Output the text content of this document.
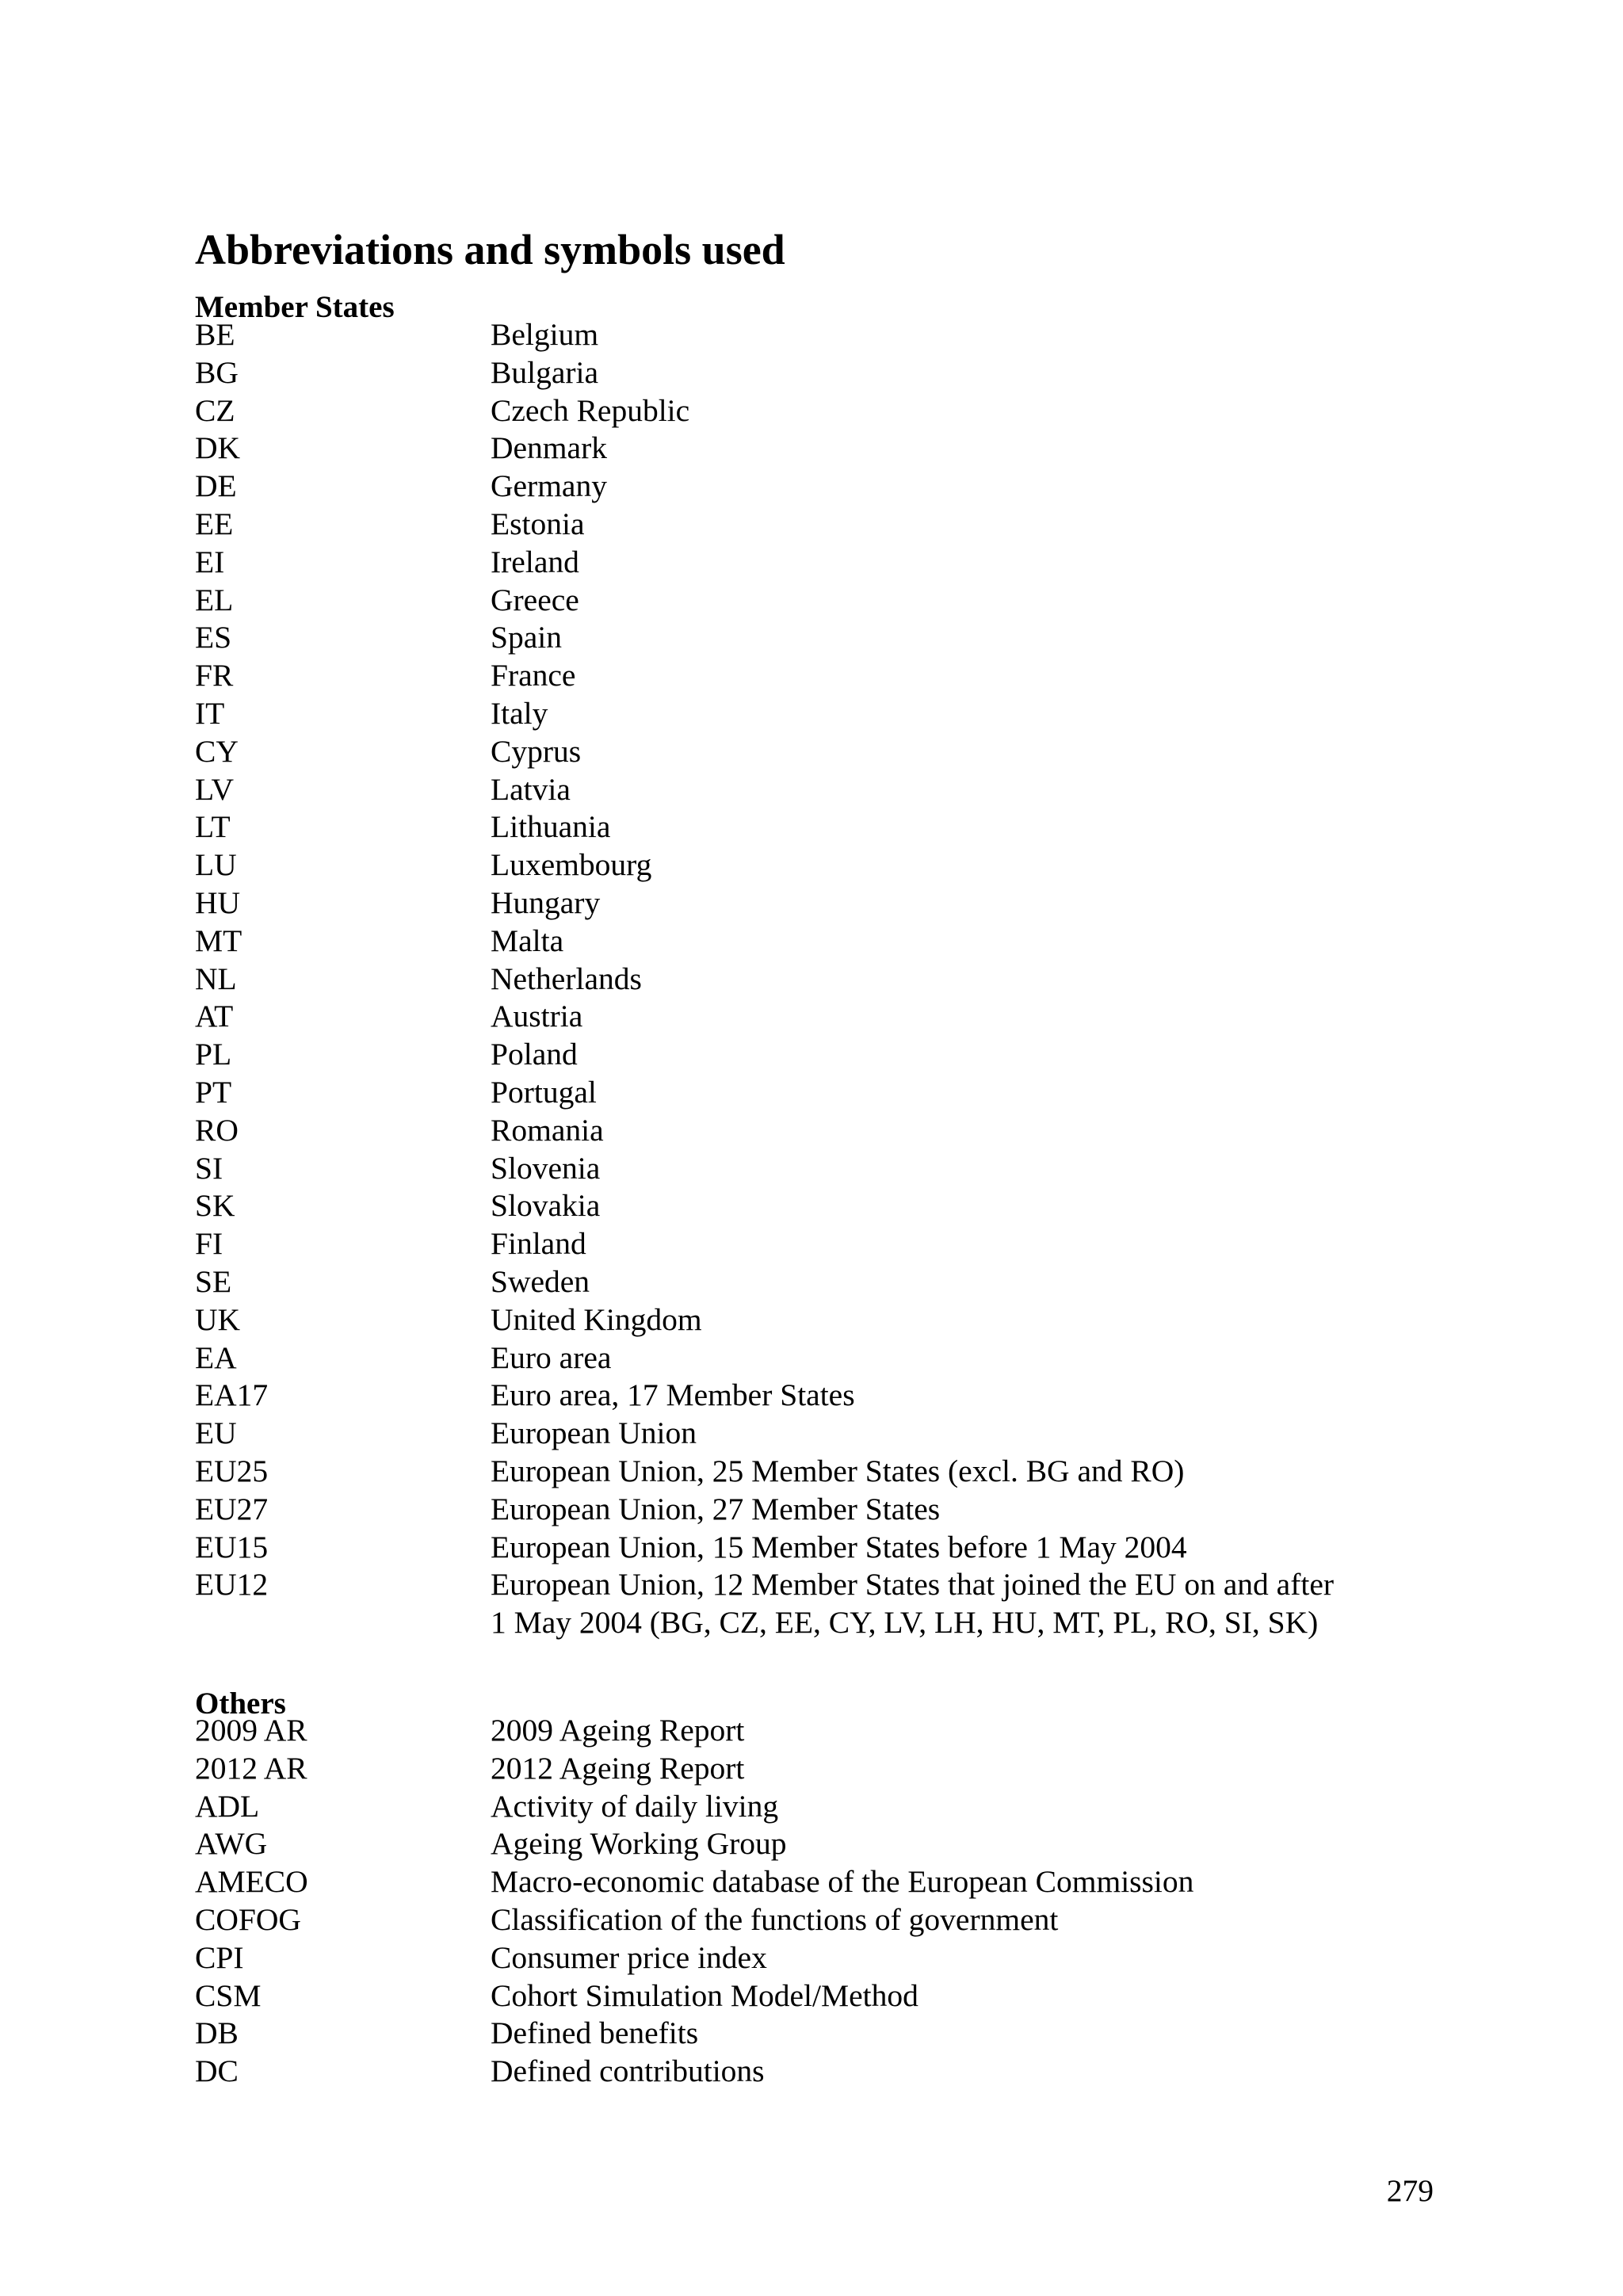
Abbreviations and symbols used
Member States
BE	Belgium
BG	Bulgaria
CZ	Czech Republic
DK	Denmark
DE	Germany
EE	Estonia
EI	Ireland
EL	Greece
ES	Spain
FR	France
IT	Italy
CY	Cyprus
LV	Latvia
LT	Lithuania
LU	Luxembourg
HU	Hungary
MT	Malta
NL	Netherlands
AT	Austria
PL	Poland
PT	Portugal
RO	Romania
SI	Slovenia
SK	Slovakia
FI	Finland
SE	Sweden
UK	United Kingdom
EA	Euro area
EA17	Euro area, 17 Member States
EU	European Union
EU25	European Union, 25 Member States (excl. BG and RO)
EU27	European Union, 27 Member States
EU15	European Union, 15 Member States before 1 May 2004
EU12	European Union, 12 Member States that joined the EU on and after
1 May 2004 (BG, CZ, EE, CY, LV, LH, HU, MT, PL, RO, SI, SK)
Others
2009 AR	2009 Ageing Report
2012 AR	2012 Ageing Report
ADL	Activity of daily living
AWG	Ageing Working Group
AMECO	Macro-economic database of the European Commission
COFOG	Classification of the functions of government
CPI	Consumer price index
CSM	Cohort Simulation Model/Method
DB	Defined benefits
DC	Defined contributions
279
